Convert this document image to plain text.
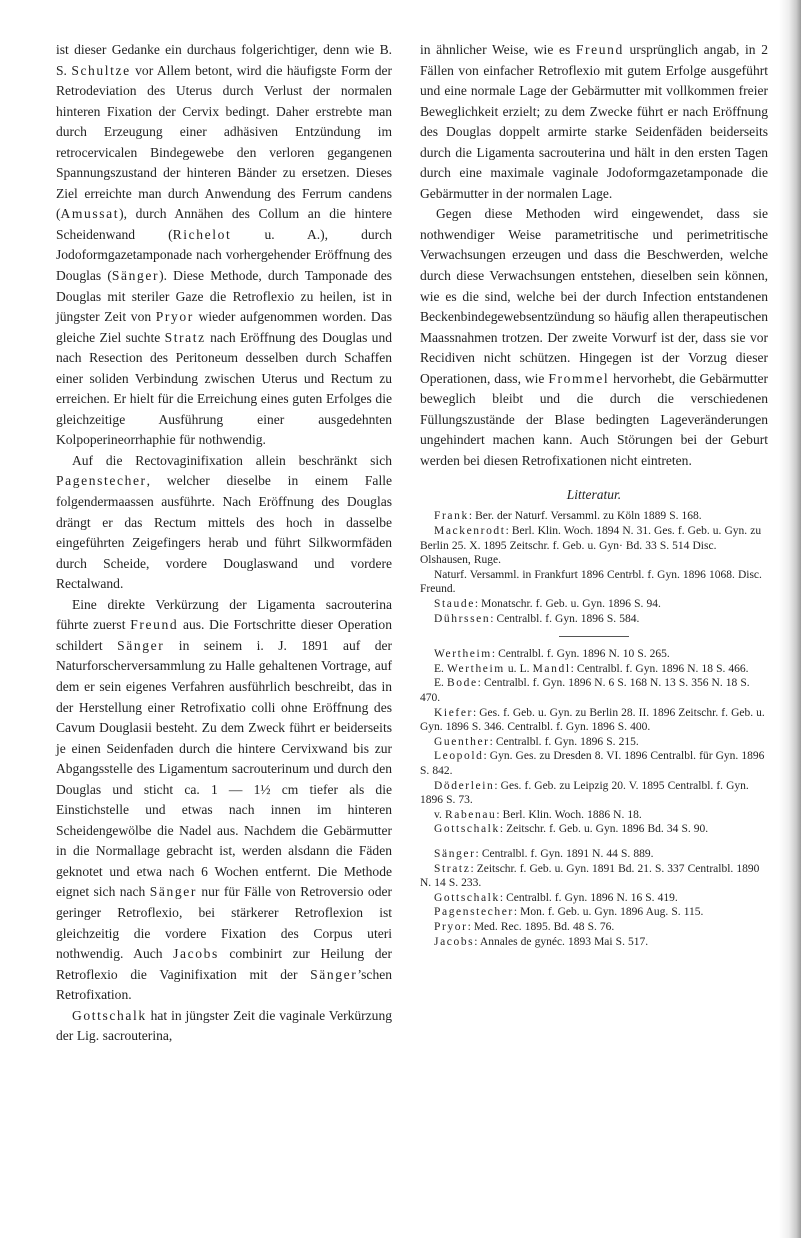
ist dieser Gedanke ein durchaus folgerichtiger, denn wie B. S. Schultze vor Allem betont, wird die häufigste Form der Retrodeviation des Uterus durch Verlust der normalen hinteren Fixation der Cervix bedingt. Daher erstrebte man durch Erzeugung einer adhäsiven Entzündung im retrocervicalen Bindegewebe den verloren gegangenen Spannungszustand der hinteren Bänder zu ersetzen. Dieses Ziel erreichte man durch Anwendung des Ferrum candens (Amussat), durch Annähen des Collum an die hintere Scheidenwand (Richelot u. A.), durch Jodoformgazetamponade nach vorhergehender Eröffnung des Douglas (Sänger). Diese Methode, durch Tamponade des Douglas mit steriler Gaze die Retroflexio zu heilen, ist in jüngster Zeit von Pryor wieder aufgenommen worden. Das gleiche Ziel suchte Stratz nach Eröffnung des Douglas und nach Resection des Peritoneum desselben durch Schaffen einer soliden Verbindung zwischen Uterus und Rectum zu erreichen. Er hielt für die Erreichung eines guten Erfolges die gleichzeitige Ausführung einer ausgedehnten Kolpoperineorrhaphie für nothwendig.

Auf die Rectovaginifixation allein beschränkt sich Pagenstecher, welcher dieselbe in einem Falle folgendermaassen ausführte. Nach Eröffnung des Douglas drängt er das Rectum mittels des hoch in dasselbe eingeführten Zeigefingers herab und führt Silkwormfäden durch Scheide, vordere Douglaswand und vordere Rectalwand.

Eine direkte Verkürzung der Ligamenta sacrouterina führte zuerst Freund aus. Die Fortschritte dieser Operation schildert Sänger in seinem i. J. 1891 auf der Naturforscherversammlung zu Halle gehaltenen Vortrage, auf dem er sein eigenes Verfahren ausführlich beschreibt, das in der Herstellung einer Retrofixatio colli ohne Eröffnung des Cavum Douglasii besteht. Zu dem Zweck führt er beiderseits je einen Seidenfaden durch die hintere Cervixwand bis zur Abgangsstelle des Ligamentum sacrouterinum und durch den Douglas und sticht ca. 1 — 1½ cm tiefer als die Einstichstelle und etwas nach innen im hinteren Scheidengewölbe die Nadel aus. Nachdem die Gebärmutter in die Normallage gebracht ist, werden alsdann die Fäden geknotet und etwa nach 6 Wochen entfernt. Die Methode eignet sich nach Sänger nur für Fälle von Retroversio oder geringer Retroflexio, bei stärkerer Retroflexion ist gleichzeitig die vordere Fixation des Corpus uteri nothwendig. Auch Jacobs combinirt zur Heilung der Retroflexio die Vaginifixation mit der Sänger’schen Retrofixation.

Gottschalk hat in jüngster Zeit die vaginale Verkürzung der Lig. sacrouterina,

in ähnlicher Weise, wie es Freund ursprünglich angab, in 2 Fällen von einfacher Retroflexio mit gutem Erfolge ausgeführt und eine normale Lage der Gebärmutter mit vollkommen freier Beweglichkeit erzielt; zu dem Zwecke führt er nach Eröffnung des Douglas doppelt armirte starke Seidenfäden beiderseits durch die Ligamenta sacrouterina und hält in den ersten Tagen durch eine maximale vaginale Jodoformgazetamponade die Gebärmutter in der normalen Lage.

Gegen diese Methoden wird eingewendet, dass sie nothwendiger Weise parametritische und perimetritische Verwachsungen erzeugen und dass die Beschwerden, welche durch diese Verwachsungen entstehen, dieselben sein können, wie es die sind, welche bei der durch Infection entstandenen Beckenbindegewebsentzündung so häufig allen therapeutischen Maassnahmen trotzen. Der zweite Vorwurf ist der, dass sie vor Recidiven nicht schützen. Hingegen ist der Vorzug dieser Operationen, dass, wie Frommel hervorhebt, die Gebärmutter beweglich bleibt und die durch die verschiedenen Füllungszustände der Blase bedingten Lageveränderungen ungehindert machen kann. Auch Störungen bei der Geburt werden bei diesen Retrofixationen nicht eintreten.

Litteratur.

Frank: Ber. der Naturf. Versamml. zu Köln 1889 S. 168.

Mackenrodt: Berl. Klin. Woch. 1894 N. 31. Ges. f. Geb. u. Gyn. zu Berlin 25. X. 1895 Zeitschr. f. Geb. u. Gyn· Bd. 33 S. 514 Disc. Olshausen, Ruge.

Naturf. Versamml. in Frankfurt 1896 Centrbl. f. Gyn. 1896 1068. Disc. Freund.

Staude: Monatschr. f. Geb. u. Gyn. 1896 S. 94.

Dührssen: Centralbl. f. Gyn. 1896 S. 584.

Wertheim: Centralbl. f. Gyn. 1896 N. 10 S. 265.

E. Wertheim u. L. Mandl: Centralbl. f. Gyn. 1896 N. 18 S. 466.

E. Bode: Centralbl. f. Gyn. 1896 N. 6 S. 168 N. 13 S. 356 N. 18 S. 470.

Kiefer: Ges. f. Geb. u. Gyn. zu Berlin 28. II. 1896 Zeitschr. f. Geb. u. Gyn. 1896 S. 346. Centralbl. f. Gyn. 1896 S. 400.

Guenther: Centralbl. f. Gyn. 1896 S. 215.

Leopold: Gyn. Ges. zu Dresden 8. VI. 1896 Centralbl. für Gyn. 1896 S. 842.

Döderlein: Ges. f. Geb. zu Leipzig 20. V. 1895 Centralbl. f. Gyn. 1896 S. 73.

v. Rabenau: Berl. Klin. Woch. 1886 N. 18.

Gottschalk: Zeitschr. f. Geb. u. Gyn. 1896 Bd. 34 S. 90.

Sänger: Centralbl. f. Gyn. 1891 N. 44 S. 889.

Stratz: Zeitschr. f. Geb. u. Gyn. 1891 Bd. 21. S. 337 Centralbl. 1890 N. 14 S. 233.

Gottschalk: Centralbl. f. Gyn. 1896 N. 16 S. 419.

Pagenstecher: Mon. f. Geb. u. Gyn. 1896 Aug. S. 115.

Pryor: Med. Rec. 1895. Bd. 48 S. 76.

Jacobs: Annales de gynéc. 1893 Mai S. 517.
